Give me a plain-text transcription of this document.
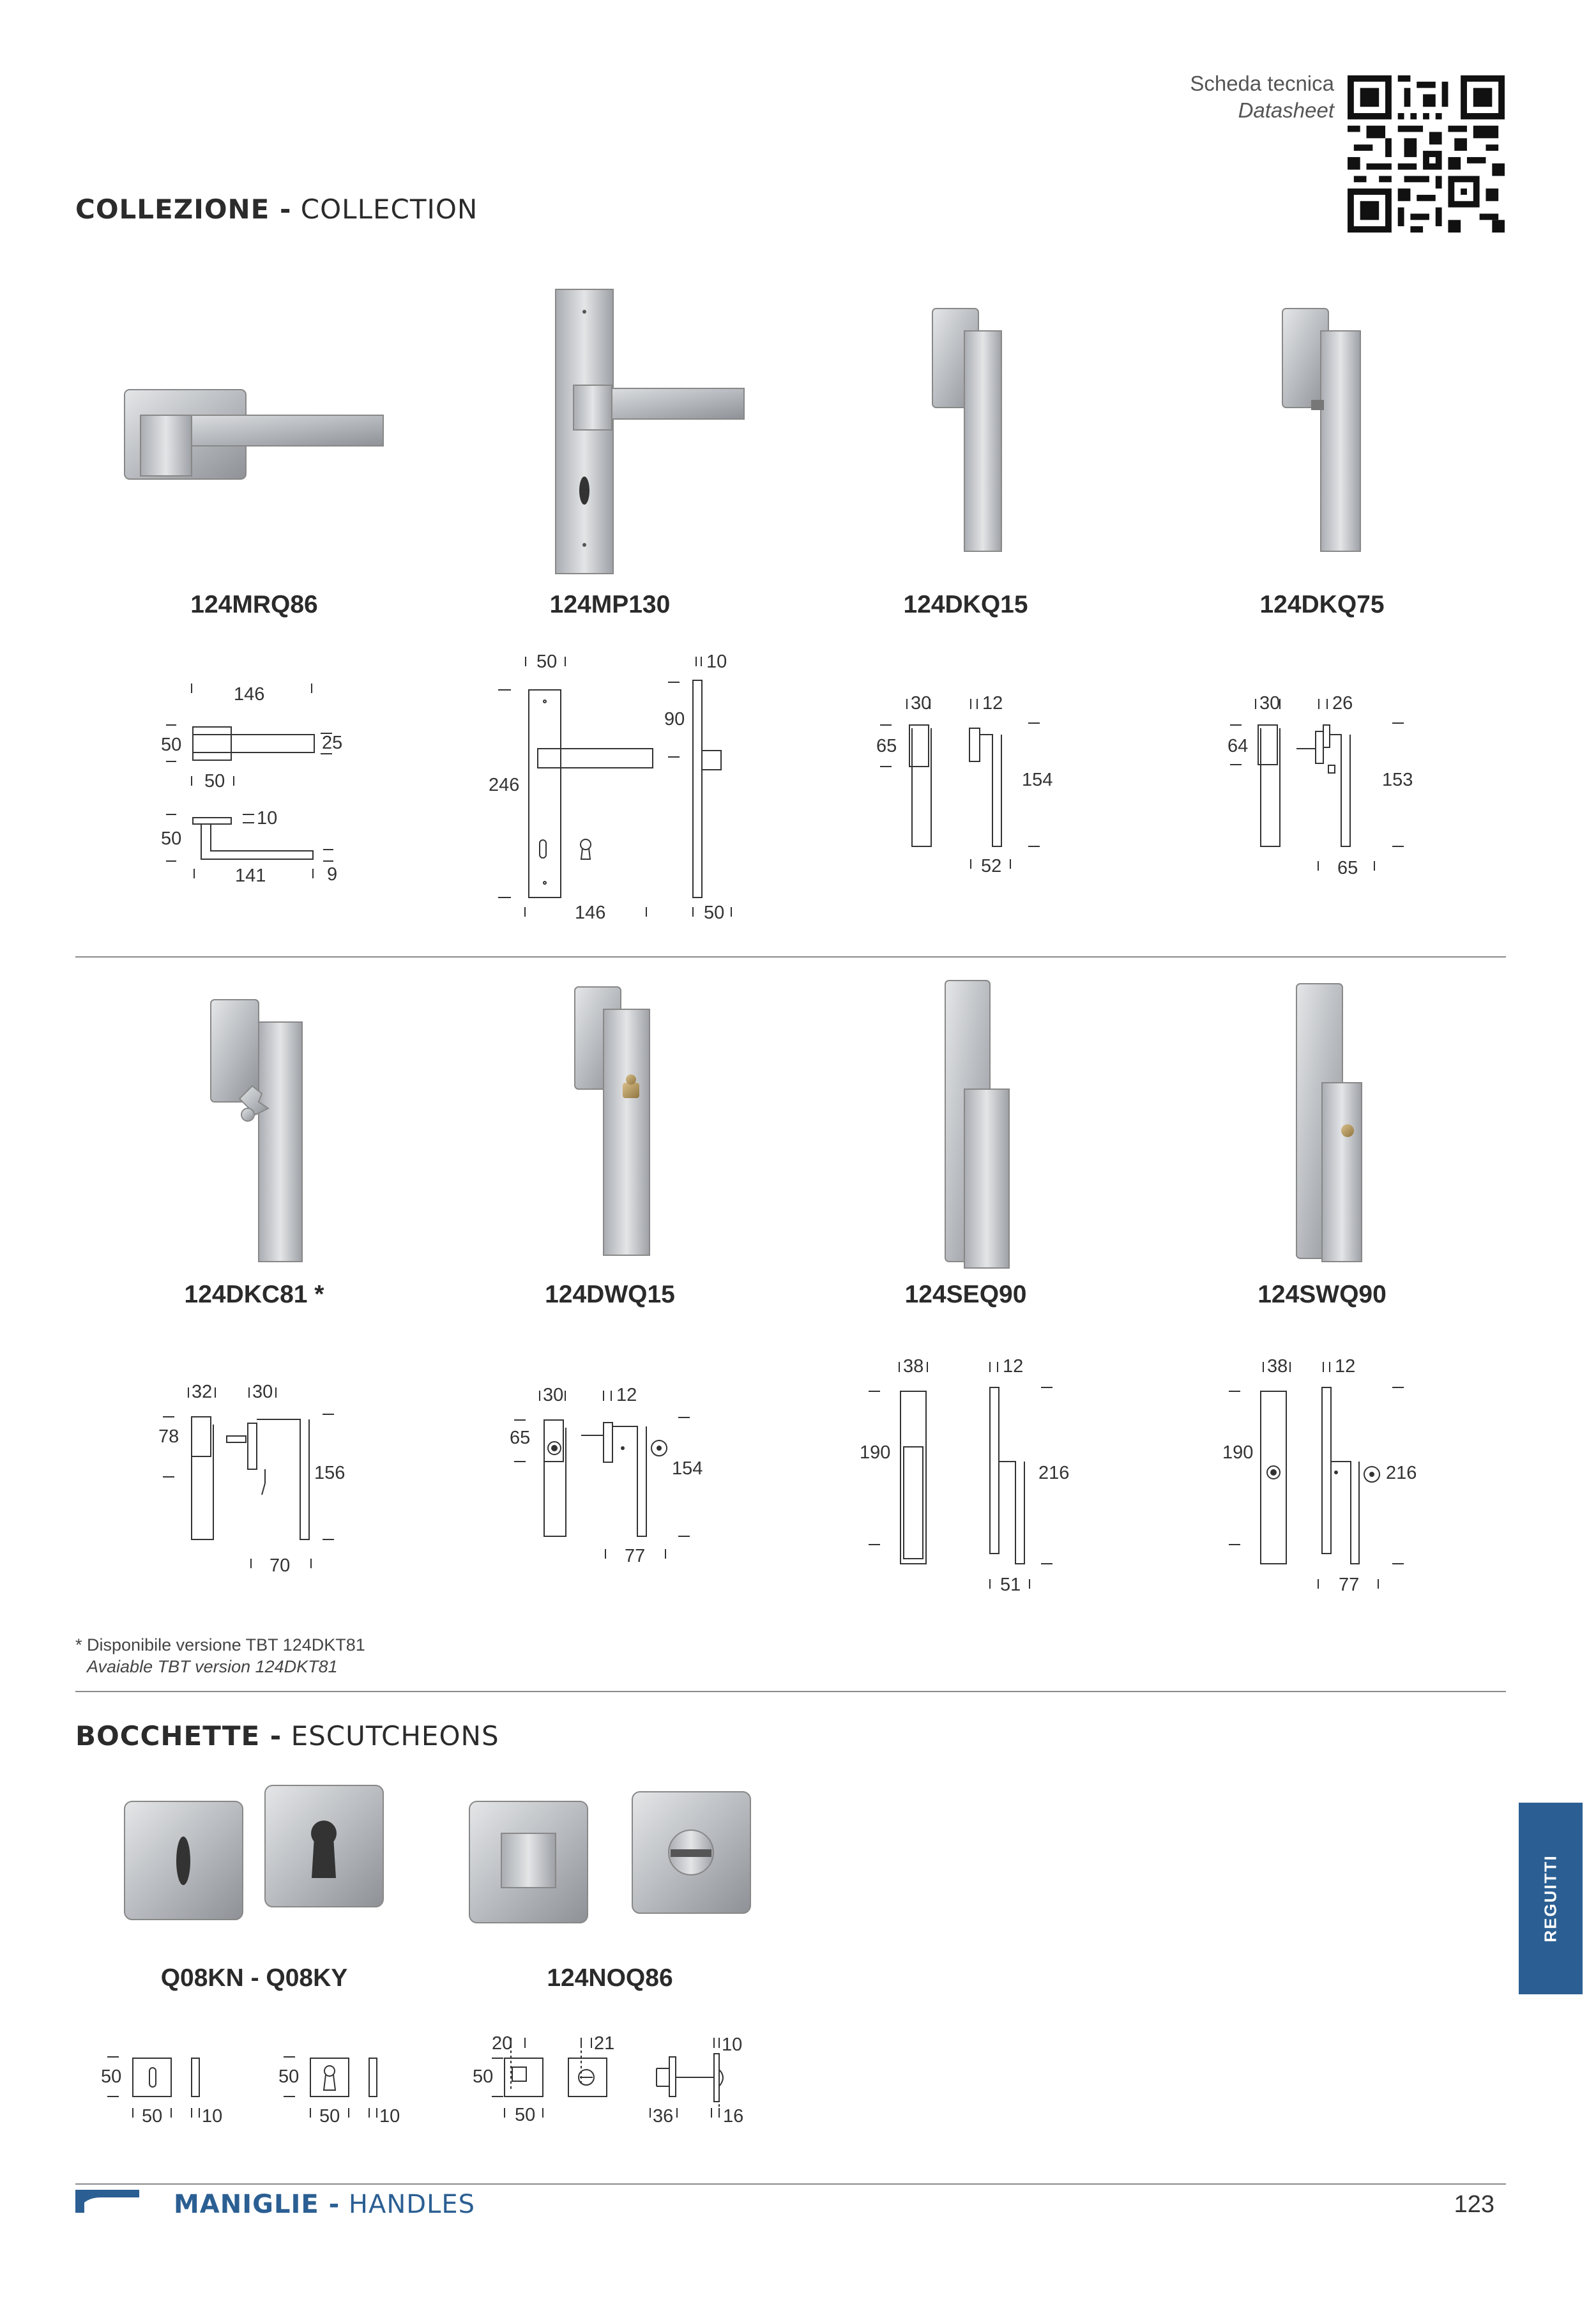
Scheda tecnica
Datasheet
COLLEZIONE - COLLECTION
124MRQ86	124MP130	124DKQ15	124DKQ75
146
50	25
50
50
10
141	9
50	10
246
90
146	50
30	12
65
154
52
30	26
64
153
65
124DKC81 *	124DWQ15	124SEQ90	124SWQ90
32 30
78
156
70
30	12
65
154
77
38	12
190
216
51
38	12
190
216
77
* Disponibile versione TBT 124DKT81
Avaiable TBT version 124DKT81
BOCCHETTE - ESCUTCHEONS
Q08KN - Q08KY	124NOQ86
50
50 10
50
50 10
20	21	10
50
50	36	16
REGUITTI
MANIGLIE - HANDLES	123
